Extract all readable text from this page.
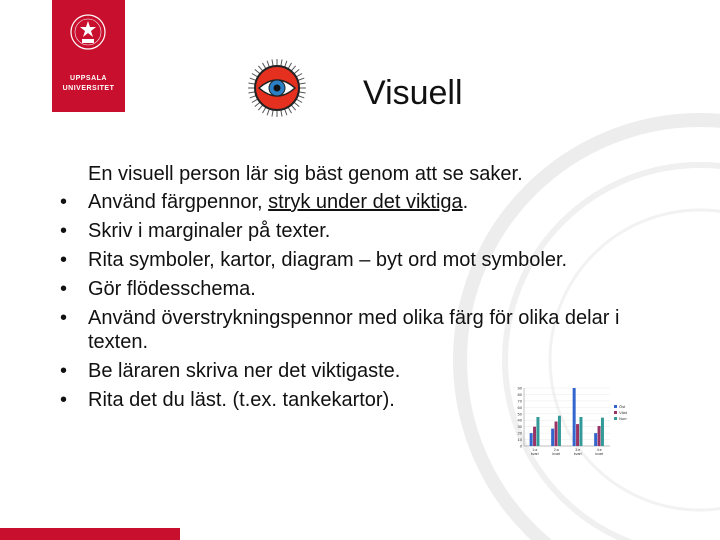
UPPSALA
UNIVERSITET	Visuell
En visuell person lär sig bäst genom att se saker.
• Använd färgpennor, stryk under det viktiga.
• Skriv i marginaler på texter.
• Rita symboler, kartor, diagram – byt ord mot symboler.
• Gör flödesschema.
• Använd överstrykningspennor med olika färg för olika delar i texten.
• Be läraren skriva ner det viktigaste.
• Rita det du läst. (t.ex. tankekartor).
90
80
70
60
50
40
30
20
10
0
1:a
kvart
2:a
kvart
3:e
kvart
4:e
kvart
Öst
Väst
Norr
